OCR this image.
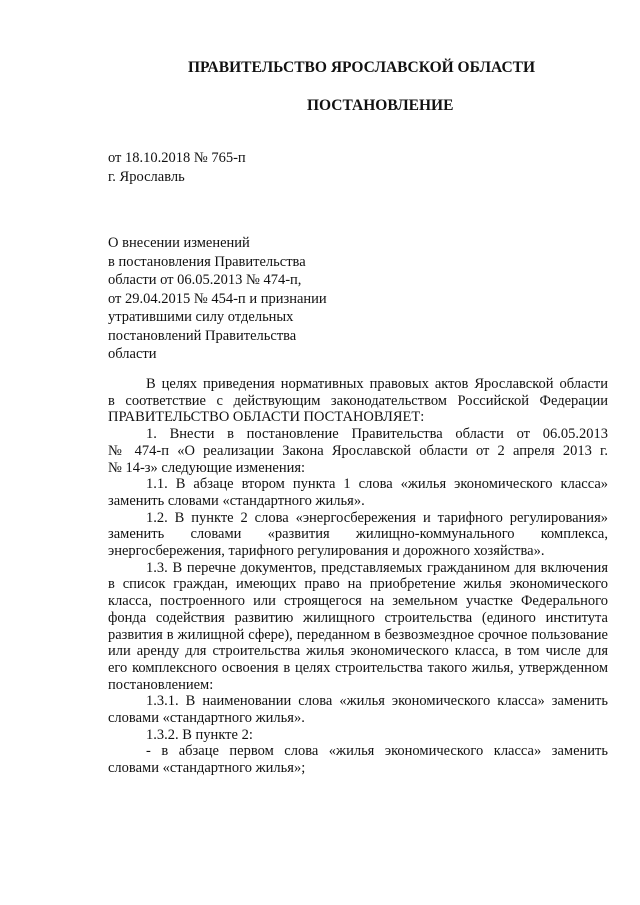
ПРАВИТЕЛЬСТВО ЯРОСЛАВСКОЙ ОБЛАСТИ
ПОСТАНОВЛЕНИЕ
от 18.10.2018 № 765-п
г. Ярославль
О внесении изменений
в постановления Правительства
области от 06.05.2013 № 474-п,
от 29.04.2015 № 454-п и признании
утратившими силу отдельных
постановлений Правительства
области
В целях приведения нормативных правовых актов Ярославской области
в соответствие с действующим законодательством Российской Федерации
ПРАВИТЕЛЬСТВО ОБЛАСТИ ПОСТАНОВЛЯЕТ:
1. Внести в постановление Правительства области от 06.05.2013
№ 474-п «О реализации Закона Ярославской области от 2 апреля 2013 г.
№ 14-з» следующие изменения:
1.1. В абзаце втором пункта 1 слова «жилья экономического класса»
заменить словами «стандартного жилья».
1.2. В пункте 2 слова «энергосбережения и тарифного регулирования»
заменить словами «развития жилищно-коммунального комплекса,
энергосбережения, тарифного регулирования и дорожного хозяйства».
1.3. В перечне документов, представляемых гражданином для включения
в список граждан, имеющих право на приобретение жилья экономического
класса, построенного или строящегося на земельном участке Федерального
фонда содействия развитию жилищного строительства (единого института
развития в жилищной сфере), переданном в безвозмездное срочное пользование
или аренду для строительства жилья экономического класса, в том числе для
его комплексного освоения в целях строительства такого жилья, утвержденном
постановлением:
1.3.1. В наименовании слова «жилья экономического класса» заменить
словами «стандартного жилья».
1.3.2. В пункте 2:
- в абзаце первом слова «жилья экономического класса» заменить
словами «стандартного жилья»;
